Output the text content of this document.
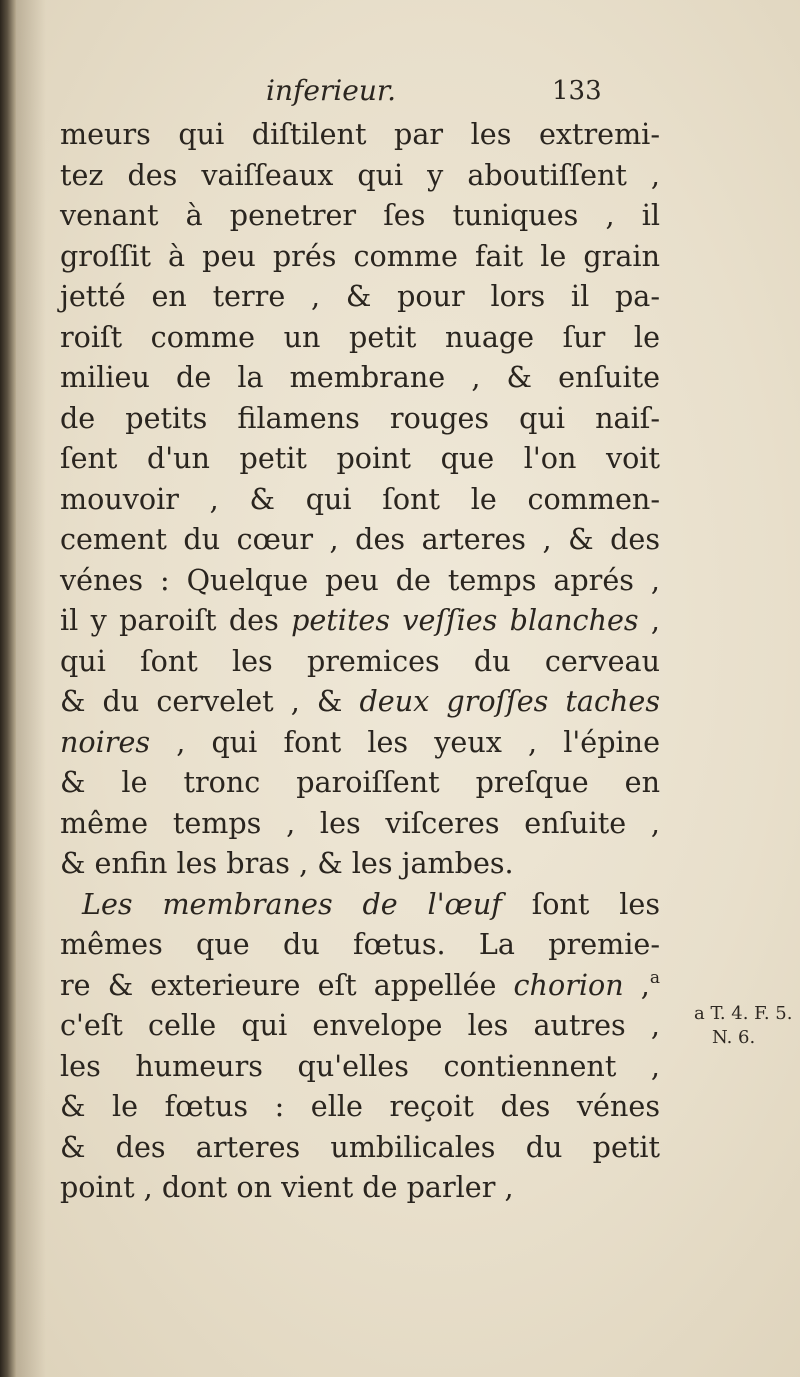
inferieur.	133
meurs qui diſtilent par les extremi-
tez des vaiſſeaux qui y aboutiſſent ,
venant à penetrer ſes tuniques , il
groſſit à peu prés comme fait le grain
jetté en terre , & pour lors il pa-
roiſt comme un petit nuage ſur le
milieu de la membrane , & enſuite
de petits filamens rouges qui naiſ-
ſent d'un petit point que l'on voit
mouvoir , & qui ſont le commen-
cement du cœur , des arteres , & des
vénes : Quelque peu de temps aprés ,
il y paroiſt des petites veſſies blanches ,
qui ſont les premices du cerveau
& du cervelet , & deux groſſes taches
noires , qui font les yeux , l'épine
& le tronc paroiſſent preſque en
même temps , les viſceres enſuite ,
& enfin les bras , & les jambes.
Les membranes de l'œuf ſont les
mêmes que du fœtus. La premie-
re & exterieure eſt appellée chorion ,$^a$
c'eſt celle qui envelope les autres ,
les humeurs qu'elles contiennent ,
& le fœtus : elle reçoit des vénes
& des arteres umbilicales du petit
point , dont on vient de parler ,
a T. 4. F. 5.
N. 6.
